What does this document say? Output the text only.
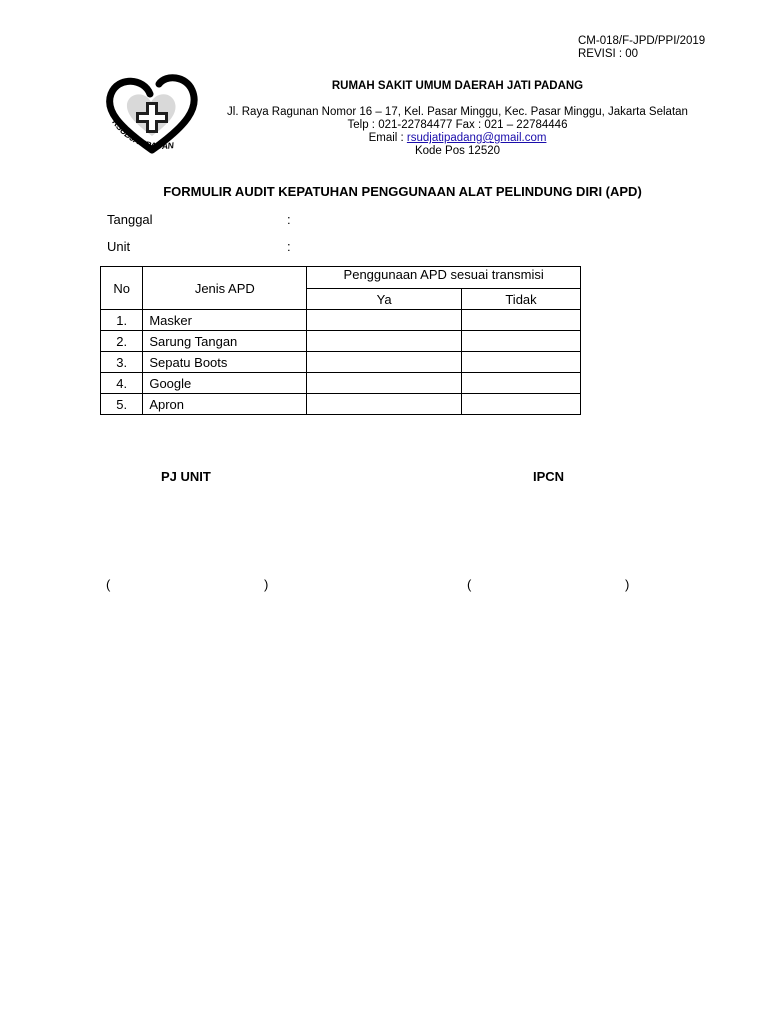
CM-018/F-JPD/PPI/2019
REVISI : 00
RSUDJATIPADAN
RUMAH SAKIT UMUM DAERAH JATI PADANG
Jl. Raya Ragunan Nomor 16 – 17, Kel. Pasar Minggu, Kec. Pasar Minggu, Jakarta Selatan
Telp : 021-22784477 Fax : 021 – 22784446
Email : rsudjatipadang@gmail.com
Kode Pos 12520
FORMULIR AUDIT KEPATUHAN PENGGUNAAN ALAT PELINDUNG DIRI (APD)
Tanggal	:
Unit	:
No	Jenis APD	Penggunaan APD sesuai transmisi	
		Ya	Tidak
1.	Masker		
2.	Sarung Tangan		
3.	Sepatu Boots		
4.	Google		
5.	Apron		
PJ UNIT	IPCN
(	)	(	)
